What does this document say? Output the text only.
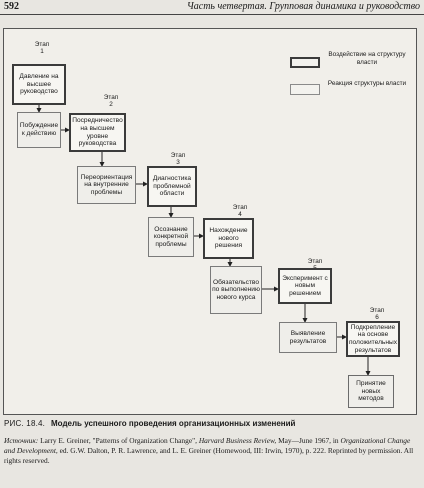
592	Часть четвертая. Групповая динамика и руководство
Воздействие на структуру власти
Реакция структуры власти
Этап
1
Этап
2
Этап
3
Этап
4
Этап

Этап
6
Давление на высшее руководство
Побуждение к действию
Посредничество на высшем уровне руководства
Переориентация на внутренние проблемы
Диагностика проблемной области
Осознание конкретной проблемы
Нахождение нового решения
Обязательство по выполнению нового курса
Эксперимент с новым решением
Выявление результатов
Подкрепление на основе положительных результатов
Принятие новых методов
РИС. 18.4. Модель успешного проведения организационных изменений
Источник: Larry E. Greiner, "Patterns of Organization Change", Harvard Business Review, May—June 1967, in Organizational Change and Development, ed. G.W. Dalton, P. R. Lawrence, and L. E. Greiner (Homewood, III: Irwin, 1970), p. 222. Reprinted by permission. All rights reserved.
